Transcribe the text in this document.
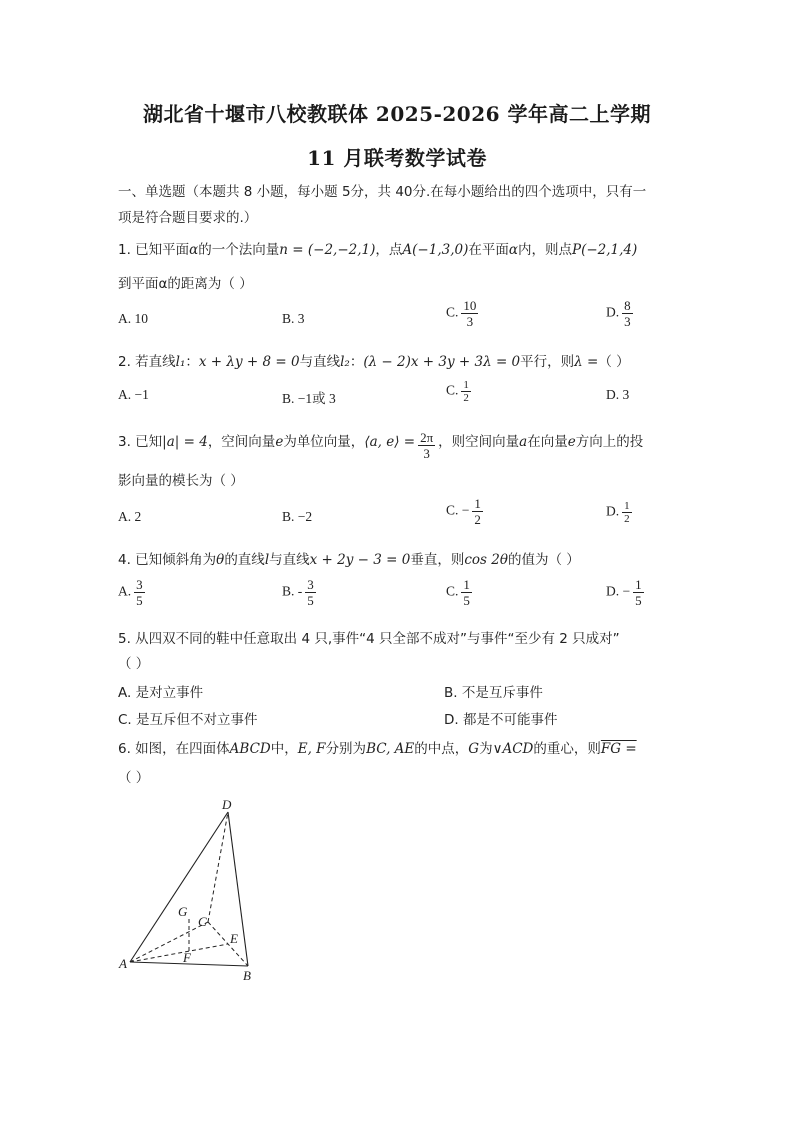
湖北省十堰市八校教联体 2025-2026 学年高二上学期
11 月联考数学试卷
一、单选题（本题共 8 小题，每小题 5分，共 40分.在每小题给出的四个选项中，只有一
项是符合题目要求的.）
1. 已知平面α的一个法向量n = (−2,−2,1)，点A(−1,3,0)在平面α内，则点P(−2,1,4)
到平面α的距离为（ ）
A. 10	B. 3	C. $\frac{10}{3}$	D. $\frac{8}{3}$
2. 若直线l₁：x + λy + 8 = 0与直线l₂：(λ − 2)x + 3y + 3λ = 0平行，则λ =（ ）
A. −1	B. −1或 3
C. $\frac{1}{2}$	D. 3
3. 已知|a| = 4，空间向量e为单位向量，⟨a, e⟩ = $\frac{2\pi}{3}$ ，则空间向量a在向量e方向上的投
影向量的模长为（ ）
A. 2	B. −2	C. − $\frac{1}{2}$	D. $\frac{1}{2}$
4. 已知倾斜角为θ的直线l与直线x + 2y − 3 = 0垂直，则cos 2θ的值为（ ）
A. $\frac{3}{5}$	B. - $\frac{3}{5}$	C. $\frac{1}{5}$	D. − $\frac{1}{5}$
5. 从四双不同的鞋中任意取出 4 只,事件“4 只全部不成对”与事件“至少有 2 只成对”
（ ）
A. 是对立事件	B. 不是互斥事件
C. 是互斥但不对立事件	D. 都是不可能事件
6. 如图，在四面体ABCD中，E, F分别为BC, AE的中点，G为∨ACD的重心，则FG =
（ ）
D
G
C
E
A	F
B
